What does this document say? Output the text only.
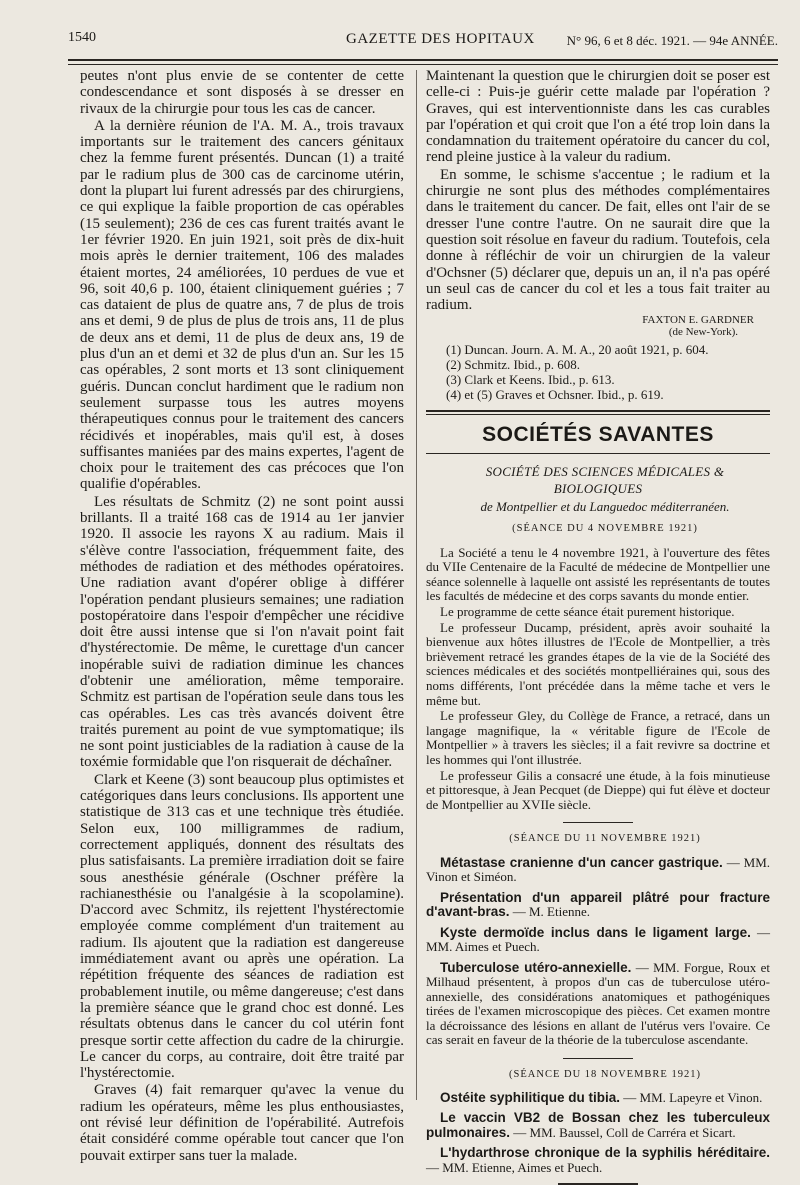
1540	GAZETTE DES HOPITAUX N° 96, 6 et 8 déc. 1921. — 94e ANNÉE.

peutes n'ont plus envie de se contenter de cette condescendance et sont disposés à se dresser en rivaux de la chirurgie pour tous les cas de cancer.

A la dernière réunion de l'A. M. A., trois travaux importants sur le traitement des cancers génitaux chez la femme furent présentés. Duncan (1) a traité par le radium plus de 300 cas de carcinome utérin, dont la plupart lui furent adressés par des chirurgiens, ce qui explique la faible proportion de cas opérables (15 seulement); 236 de ces cas furent traités avant le 1er février 1920. En juin 1921, soit près de dix-huit mois après le dernier traitement, 106 des malades étaient mortes, 24 améliorées, 10 perdues de vue et 96, soit 40,6 p. 100, étaient cliniquement guéries ; 7 cas dataient de plus de quatre ans, 7 de plus de trois ans et demi, 9 de plus de plus de trois ans, 11 de plus de deux ans et demi, 11 de plus de deux ans, 19 de plus d'un an et demi et 32 de plus d'un an. Sur les 15 cas opérables, 2 sont morts et 13 sont cliniquement guéris. Duncan conclut hardiment que le radium non seulement surpasse tous les autres moyens thérapeutiques connus pour le traitement des cancers récidivés et inopérables, mais qu'il est, à doses suffisantes maniées par des mains expertes, l'agent de choix pour le traitement des cas précoces que l'on qualifie d'opérables.

Les résultats de Schmitz (2) ne sont point aussi brillants. Il a traité 168 cas de 1914 au 1er janvier 1920. Il associe les rayons X au radium. Mais il s'élève contre l'association, fréquemment faite, des méthodes de radiation et des méthodes opératoires. Une radiation avant d'opérer oblige à différer l'opération pendant plusieurs semaines; une radiation postopératoire dans l'espoir d'empêcher une récidive doit être aussi intense que si l'on n'avait point fait d'hystérectomie. De même, le curettage d'un cancer inopérable suivi de radiation diminue les chances d'obtenir une amélioration, même temporaire. Schmitz est partisan de l'opération seule dans tous les cas opérables. Les cas très avancés doivent être traités purement au point de vue symptomatique; ils ne sont point justiciables de la radiation à cause de la toxémie formidable que l'on risquerait de déchaîner.

Clark et Keene (3) sont beaucoup plus optimistes et catégoriques dans leurs conclusions. Ils apportent une statistique de 313 cas et une technique très étudiée. Selon eux, 100 milligrammes de radium, correctement appliqués, donnent des résultats des plus satisfaisants. La première irradiation doit se faire sous anesthésie générale (Oschner préfère la rachianesthésie ou l'analgésie à la scopolamine). D'accord avec Schmitz, ils rejettent l'hystérectomie employée comme complément d'un traitement au radium. Ils ajoutent que la radiation est dangereuse immédiatement avant ou après une opération. La répétition fréquente des séances de radiation est probablement inutile, ou même dangereuse; c'est dans la première séance que le grand choc est donné. Les résultats obtenus dans le cancer du col utérin font presque sortir cette affection du cadre de la chirurgie. Le cancer du corps, au contraire, doit être traité par l'hystérectomie.

Graves (4) fait remarquer qu'avec la venue du radium les opérateurs, même les plus enthousiastes, ont révisé leur définition de l'opérabilité. Autrefois était considéré comme opérable tout cancer que l'on pouvait extirper sans tuer la malade.

Maintenant la question que le chirurgien doit se poser est celle-ci : Puis-je guérir cette malade par l'opération ? Graves, qui est interventionniste dans les cas curables par l'opération et qui croit que l'on a été trop loin dans la condamnation du traitement opératoire du cancer du col, rend pleine justice à la valeur du radium.

En somme, le schisme s'accentue ; le radium et la chirurgie ne sont plus des méthodes complémentaires dans le traitement du cancer. De fait, elles ont l'air de se dresser l'une contre l'autre. On ne saurait dire que la question soit résolue en faveur du radium. Toutefois, cela donne à réfléchir de voir un chirurgien de la valeur d'Ochsner (5) déclarer que, depuis un an, il n'a pas opéré un seul cas de cancer du col et les a tous fait traiter au radium.

FAXTON E. GARDNER
(de New-York).

(1) Duncan. Journ. A. M. A., 20 août 1921, p. 604.
(2) Schmitz. Ibid., p. 608.
(3) Clark et Keens. Ibid., p. 613.
(4) et (5) Graves et Ochsner. Ibid., p. 619.
SOCIÉTÉS SAVANTES

SOCIÉTÉ DES SCIENCES MÉDICALES & BIOLOGIQUES

de Montpellier et du Languedoc méditerranéen.

(SÉANCE DU 4 NOVEMBRE 1921)

La Société a tenu le 4 novembre 1921, à l'ouverture des fêtes du VIIe Centenaire de la Faculté de médecine de Montpellier une séance solennelle à laquelle ont assisté les représentants de toutes les facultés de médecine et des corps savants du monde entier.

Le programme de cette séance était purement historique.

Le professeur Ducamp, président, après avoir souhaité la bienvenue aux hôtes illustres de l'Ecole de Montpellier, a très brièvement retracé les grandes étapes de la vie de la Société des sciences médicales et des sociétés montpelliéraines qui, sous des noms différents, l'ont précédée dans la même tache et vers le même but.

Le professeur Gley, du Collège de France, a retracé, dans un langage magnifique, la « véritable figure de l'Ecole de Montpellier » à travers les siècles; il a fait revivre sa doctrine et les hommes qui l'ont illustrée.

Le professeur Gilis a consacré une étude, à la fois minutieuse et pittoresque, à Jean Pecquet (de Dieppe) qui fut élève et docteur de Montpellier au XVIIe siècle.

(SÉANCE DU 11 NOVEMBRE 1921)

Métastase cranienne d'un cancer gastrique. — MM. Vinon et Siméon.

Présentation d'un appareil plâtré pour fracture d'avant-bras. — M. Etienne.

Kyste dermoïde inclus dans le ligament large. — MM. Aimes et Puech.

Tuberculose utéro-annexielle. — MM. Forgue, Roux et Milhaud présentent, à propos d'un cas de tuberculose utéro-annexielle, des considérations anatomiques et pathogéniques tirées de l'examen microscopique des pièces. Cet examen montre la décroissance des lésions en allant de l'utérus vers l'ovaire. Ce cas serait en faveur de la théorie de la tuberculose ascendante.

(SÉANCE DU 18 NOVEMBRE 1921)

Ostéite syphilitique du tibia. — MM. Lapeyre et Vinon.

Le vaccin VB2 de Bossan chez les tuberculeux pulmonaires. — MM. Baussel, Coll de Carréra et Sicart.

L'hydarthrose chronique de la syphilis héréditaire. — MM. Etienne, Aimes et Puech.
